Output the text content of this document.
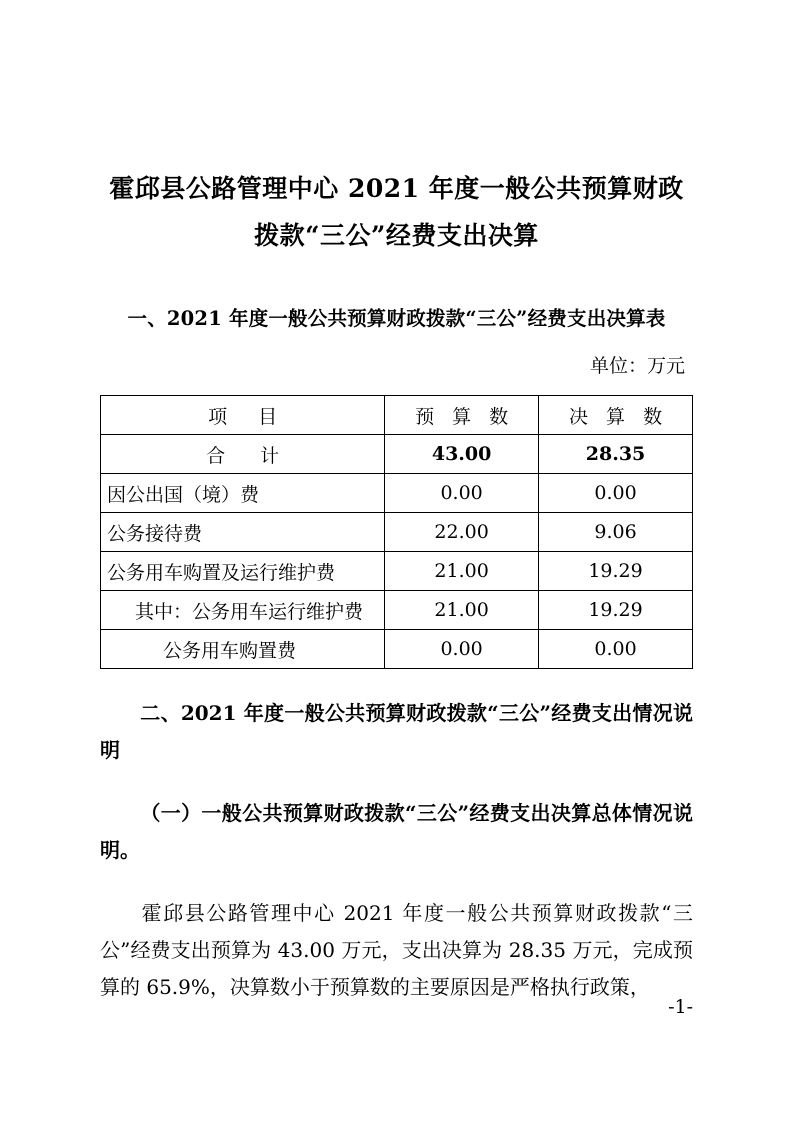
霍邱县公路管理中心 2021 年度一般公共预算财政
拨款“三公”经费支出决算
一、2021 年度一般公共预算财政拨款“三公”经费支出决算表
单位：万元
项　目	预 算 数	决 算 数
合　计	43.00	28.35
因公出国（境）费	0.00	0.00
公务接待费	22.00	9.06
公务用车购置及运行维护费	21.00	19.29
其中：公务用车运行维护费	21.00	19.29
公务用车购置费	0.00	0.00
二、2021 年度一般公共预算财政拨款“三公”经费支出情况说明
（一）一般公共预算财政拨款“三公”经费支出决算总体情况说明。
霍邱县公路管理中心 2021 年度一般公共预算财政拨款“三公”经费支出预算为 43.00 万元，支出决算为 28.35 万元，完成预算的 65.9%，决算数小于预算数的主要原因是严格执行政策，
-1-
